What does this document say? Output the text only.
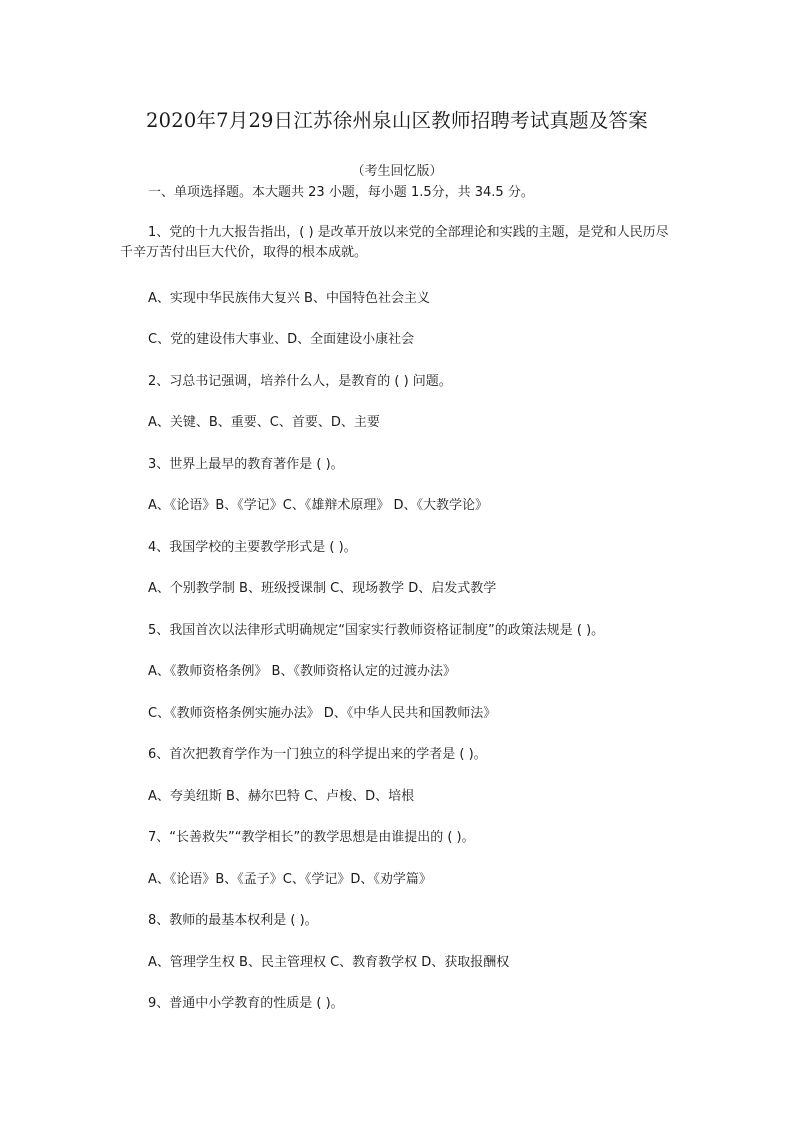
2020年7月29日江苏徐州泉山区教师招聘考试真题及答案
（考生回忆版）
一、单项选择题。本大题共 23 小题，每小题 1.5分，共 34.5 分。
1、党的十九大报告指出，( ) 是改革开放以来党的全部理论和实践的主题，是党和人民历尽千辛万苦付出巨大代价，取得的根本成就。
A、实现中华民族伟大复兴 B、中国特色社会主义
C、党的建设伟大事业、D、全面建设小康社会
2、习总书记强调，培养什么人，是教育的 ( ) 问题。
A、关键、B、重要、C、首要、D、主要
3、世界上最早的教育著作是 ( )。
A、《论语》B、《学记》C、《雄辩术原理》 D、《大教学论》
4、我国学校的主要教学形式是 ( )。
A、个别教学制 B、班级授课制 C、现场教学 D、启发式教学
5、我国首次以法律形式明确规定“国家实行教师资格证制度”的政策法规是 ( )。
A、《教师资格条例》 B、《教师资格认定的过渡办法》
C、《教师资格条例实施办法》 D、《中华人民共和国教师法》
6、首次把教育学作为一门独立的科学提出来的学者是 ( )。
A、夸美纽斯 B、赫尔巴特 C、卢梭、D、培根
7、“长善救失”“教学相长”的教学思想是由谁提出的 ( )。
A、《论语》B、《孟子》C、《学记》D、《劝学篇》
8、教师的最基本权利是 ( )。
A、管理学生权 B、民主管理权 C、教育教学权 D、获取报酬权
9、普通中小学教育的性质是 ( )。
